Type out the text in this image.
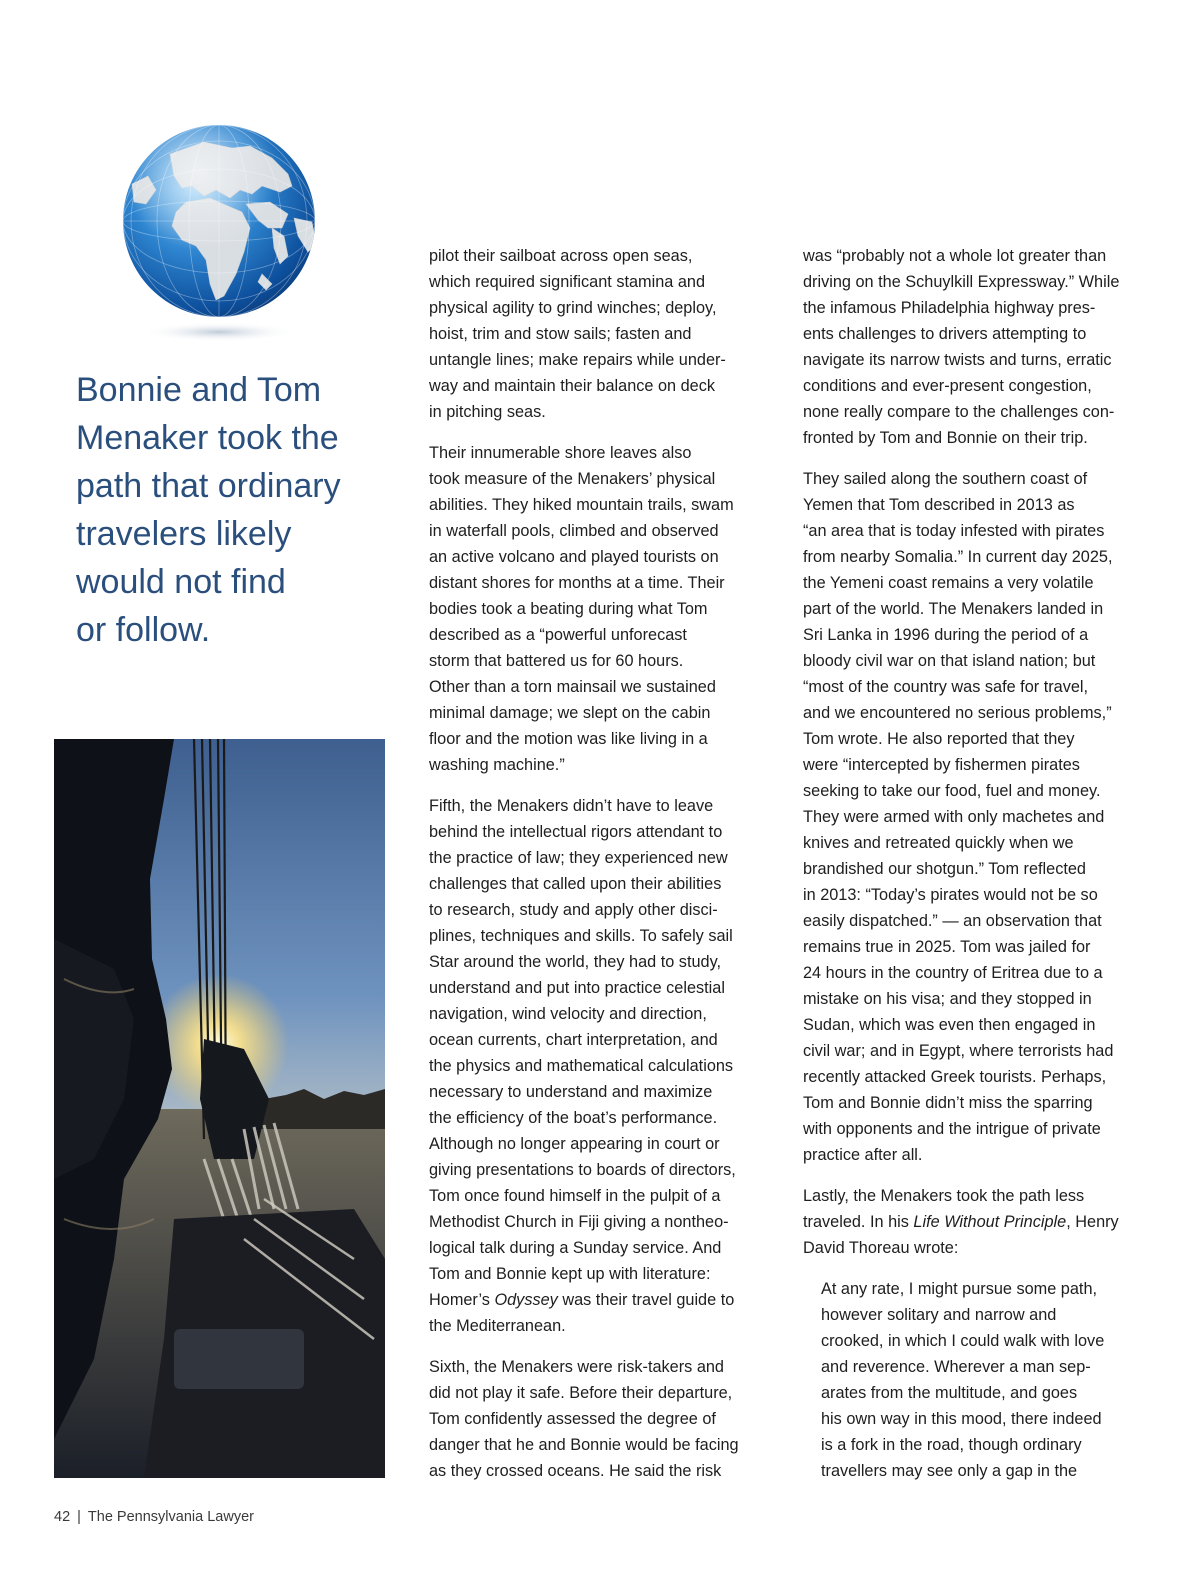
Bonnie and Tom
Menaker took the
path that ordinary
travelers likely
would not find
or follow.

pilot their sailboat across open seas,
which required significant stamina and
physical agility to grind winches; deploy,
hoist, trim and stow sails; fasten and
untangle lines; make repairs while under-
way and maintain their balance on deck
in pitching seas.

Their innumerable shore leaves also
took measure of the Menakers’ physical
abilities. They hiked mountain trails, swam
in waterfall pools, climbed and observed
an active volcano and played tourists on
distant shores for months at a time. Their
bodies took a beating during what Tom
described as a “powerful unforecast
storm that battered us for 60 hours.
Other than a torn mainsail we sustained
minimal damage; we slept on the cabin
floor and the motion was like living in a
washing machine.”

Fifth, the Menakers didn’t have to leave
behind the intellectual rigors attendant to
the practice of law; they experienced new
challenges that called upon their abilities
to research, study and apply other disci-
plines, techniques and skills. To safely sail
Star around the world, they had to study,
understand and put into practice celestial
navigation, wind velocity and direction,
ocean currents, chart interpretation, and
the physics and mathematical calculations
necessary to understand and maximize
the efficiency of the boat’s performance.
Although no longer appearing in court or
giving presentations to boards of directors,
Tom once found himself in the pulpit of a
Methodist Church in Fiji giving a nontheo-
logical talk during a Sunday service. And
Tom and Bonnie kept up with literature:
Homer’s Odyssey was their travel guide to
the Mediterranean.

Sixth, the Menakers were risk-takers and
did not play it safe. Before their departure,
Tom confidently assessed the degree of
danger that he and Bonnie would be facing
as they crossed oceans. He said the risk

was “probably not a whole lot greater than
driving on the Schuylkill Expressway.” While
the infamous Philadelphia highway pres-
ents challenges to drivers attempting to
navigate its narrow twists and turns, erratic
conditions and ever-present congestion,
none really compare to the challenges con-
fronted by Tom and Bonnie on their trip.

They sailed along the southern coast of
Yemen that Tom described in 2013 as
“an area that is today infested with pirates
from nearby Somalia.” In current day 2025,
the Yemeni coast remains a very volatile
part of the world. The Menakers landed in
Sri Lanka in 1996 during the period of a
bloody civil war on that island nation; but
“most of the country was safe for travel,
and we encountered no serious problems,”
Tom wrote. He also reported that they
were “intercepted by fishermen pirates
seeking to take our food, fuel and money.
They were armed with only machetes and
knives and retreated quickly when we
brandished our shotgun.” Tom reflected
in 2013: “Today’s pirates would not be so
easily dispatched.” — an observation that
remains true in 2025. Tom was jailed for
24 hours in the country of Eritrea due to a
mistake on his visa; and they stopped in
Sudan, which was even then engaged in
civil war; and in Egypt, where terrorists had
recently attacked Greek tourists. Perhaps,
Tom and Bonnie didn’t miss the sparring
with opponents and the intrigue of private
practice after all.

Lastly, the Menakers took the path less
traveled. In his Life Without Principle, Henry
David Thoreau wrote:

At any rate, I might pursue some path,
however solitary and narrow and
crooked, in which I could walk with love
and reverence. Wherever a man sep-
arates from the multitude, and goes
his own way in this mood, there indeed
is a fork in the road, though ordinary
travellers may see only a gap in the

42 | The Pennsylvania Lawyer
